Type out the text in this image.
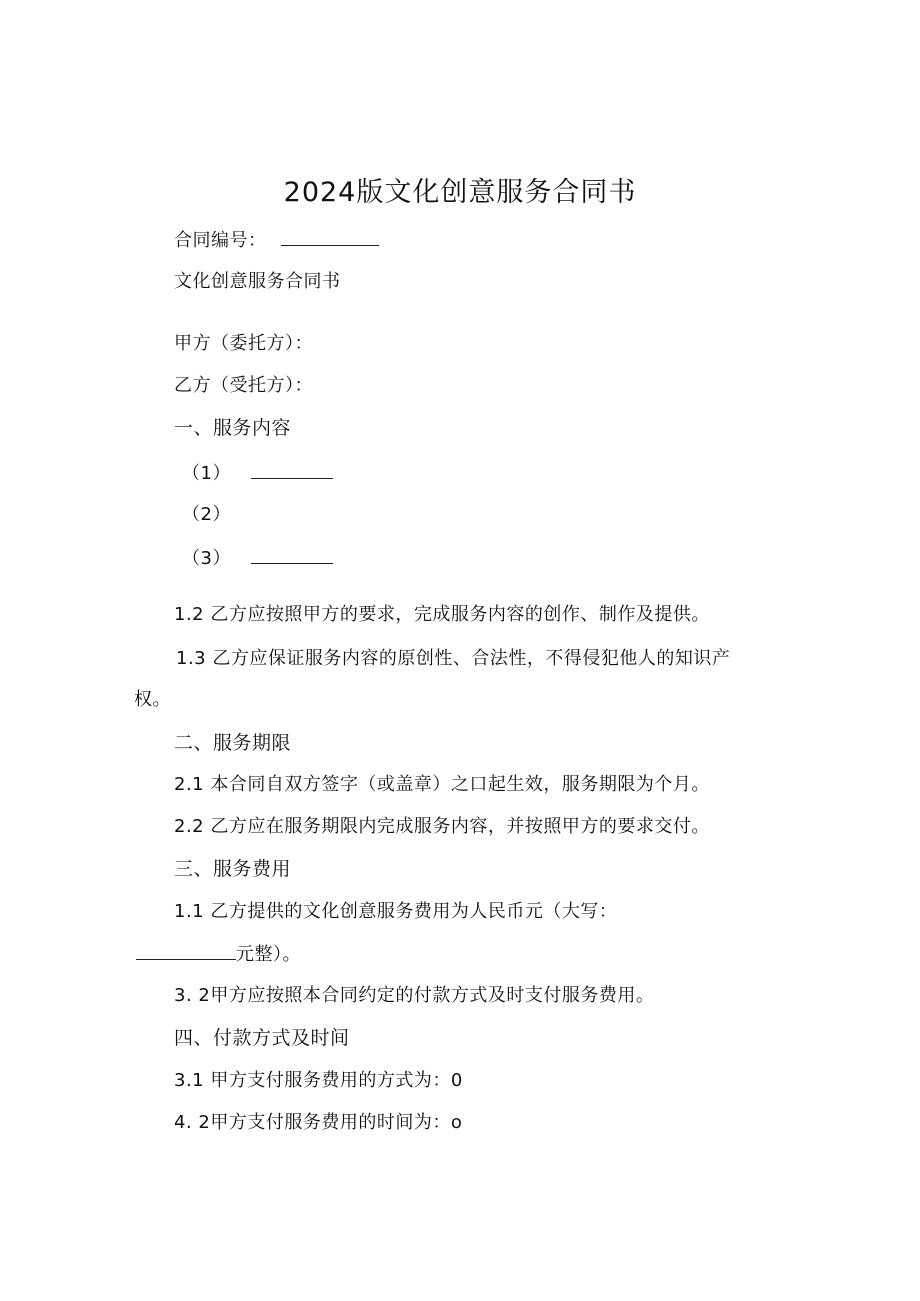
2024版文化创意服务合同书
合同编号：
文化创意服务合同书
甲方（委托方）：
乙方（受托方）：
一、服务内容
（1）
（2）
（3）
1.2 乙方应按照甲方的要求，完成服务内容的创作、制作及提供。
1.3 乙方应保证服务内容的原创性、合法性，不得侵犯他人的知识产
权。
二、服务期限
2.1 本合同自双方签字（或盖章）之口起生效，服务期限为个月。
2.2 乙方应在服务期限内完成服务内容，并按照甲方的要求交付。
三、服务费用
1.1 乙方提供的文化创意服务费用为人民币元（大写：
元整）。
3. 2甲方应按照本合同约定的付款方式及时支付服务费用。
四、付款方式及时间
3.1 甲方支付服务费用的方式为：0
4. 2甲方支付服务费用的时间为：o
